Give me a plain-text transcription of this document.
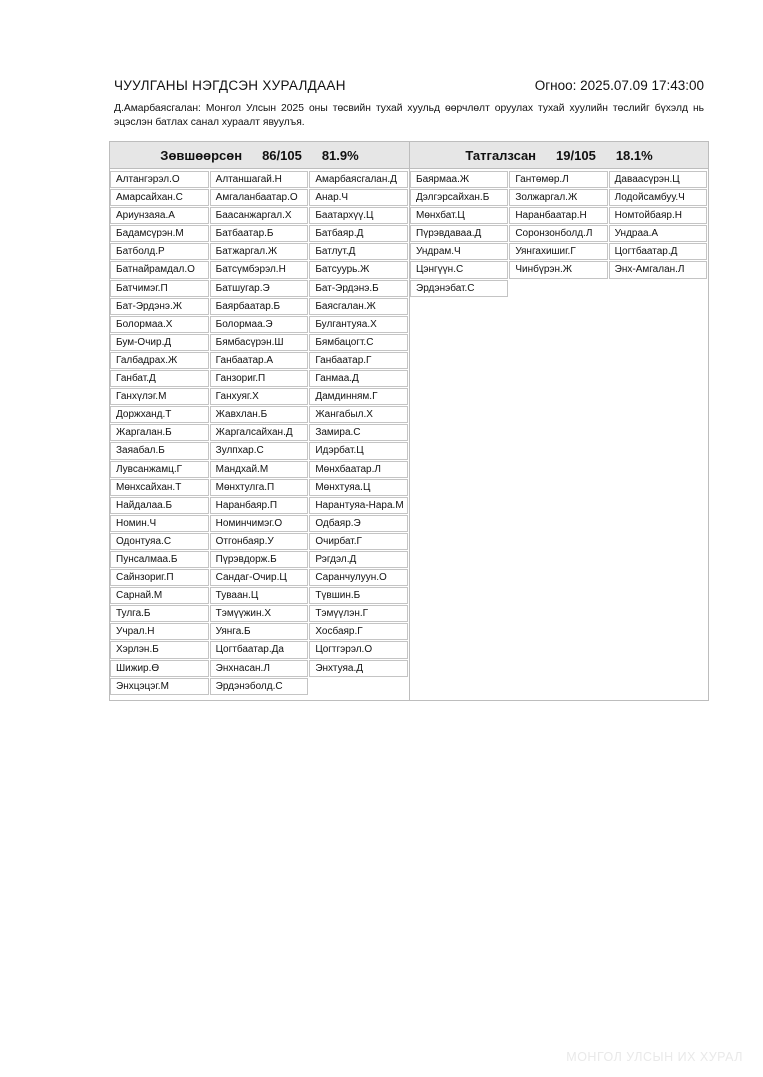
ЧУУЛГАНЫ НЭГДСЭН ХУРАЛДААН	Огноо: 2025.07.09 17:43:00
Д.Амарбаясгалан: Монгол Улсын 2025 оны төсвийн тухай хуульд өөрчлөлт оруулах тухай хуулийн төслийг бүхэлд нь эцэслэн батлах санал хураалт явуулъя.
Зөвшөөрсөн 86/105 81.9%
Алтангэрэл.О	Алтаншагай.Н	Амарбаясгалан.Д
Амарсайхан.С	Амгаланбаатар.О	Анар.Ч
Ариунзаяа.А	Баасанжаргал.Х	Баатархүү.Ц
Бадамсүрэн.М	Батбаатар.Б	Батбаяр.Д
Батболд.Р	Батжаргал.Ж	Батлут.Д
Батнайрамдал.О	Батсүмбэрэл.Н	Батсуурь.Ж
Батчимэг.П	Батшугар.Э	Бат-Эрдэнэ.Б
Бат-Эрдэнэ.Ж	Баярбаатар.Б	Баясгалан.Ж
Болормаа.Х	Болормаа.Э	Булгантуяа.Х
Бум-Очир.Д	Бямбасүрэн.Ш	Бямбацогт.С
Галбадрах.Ж	Ганбаатар.А	Ганбаатар.Г
Ганбат.Д	Ганзориг.П	Ганмаа.Д
Ганхүлэг.М	Ганхуяг.Х	Дамдинням.Г
Доржханд.Т	Жавхлан.Б	Жангабыл.Х
Жаргалан.Б	Жаргалсайхан.Д	Замира.С
Заяабал.Б	Зулпхар.С	Идэрбат.Ц
Лувсанжамц.Г	Мандхай.М	Мөнхбаатар.Л
Мөнхсайхан.Т	Мөнхтулга.П	Мөнхтуяа.Ц
Найдалаа.Б	Наранбаяр.П	Нарантуяа-Нара.М
Номин.Ч	Номинчимэг.О	Одбаяр.Э
Одонтуяа.С	Отгонбаяр.У	Очирбат.Г
Пунсалмаа.Б	Пүрэвдорж.Б	Рэгдэл.Д
Сайнзориг.П	Сандаг-Очир.Ц	Саранчулуун.О
Сарнай.М	Туваан.Ц	Түвшин.Б
Тулга.Б	Тэмүүжин.Х	Тэмүүлэн.Г
Учрал.Н	Уянга.Б	Хосбаяр.Г
Хэрлэн.Б	Цогтбаатар.Да	Цогтгэрэл.О
Шижир.Ө	Энхнасан.Л	Энхтуяа.Д
Энхцэцэг.М	Эрдэнэболд.С
Татгалзсан 19/105 18.1%
Баярмаа.Ж	Гантөмөр.Л	Даваасүрэн.Ц
Дэлгэрсайхан.Б	Золжаргал.Ж	Лодойсамбуу.Ч
Мөнхбат.Ц	Наранбаатар.Н	Номтойбаяр.Н
Пүрэвдаваа.Д	Соронзонболд.Л	Ундраа.А
Ундрам.Ч	Уянгахишиг.Г	Цогтбаатар.Д
Цэнгүүн.С	Чинбүрэн.Ж	Энх-Амгалан.Л
Эрдэнэбат.С
МОНГОЛ УЛСЫН ИХ ХУРАЛ
